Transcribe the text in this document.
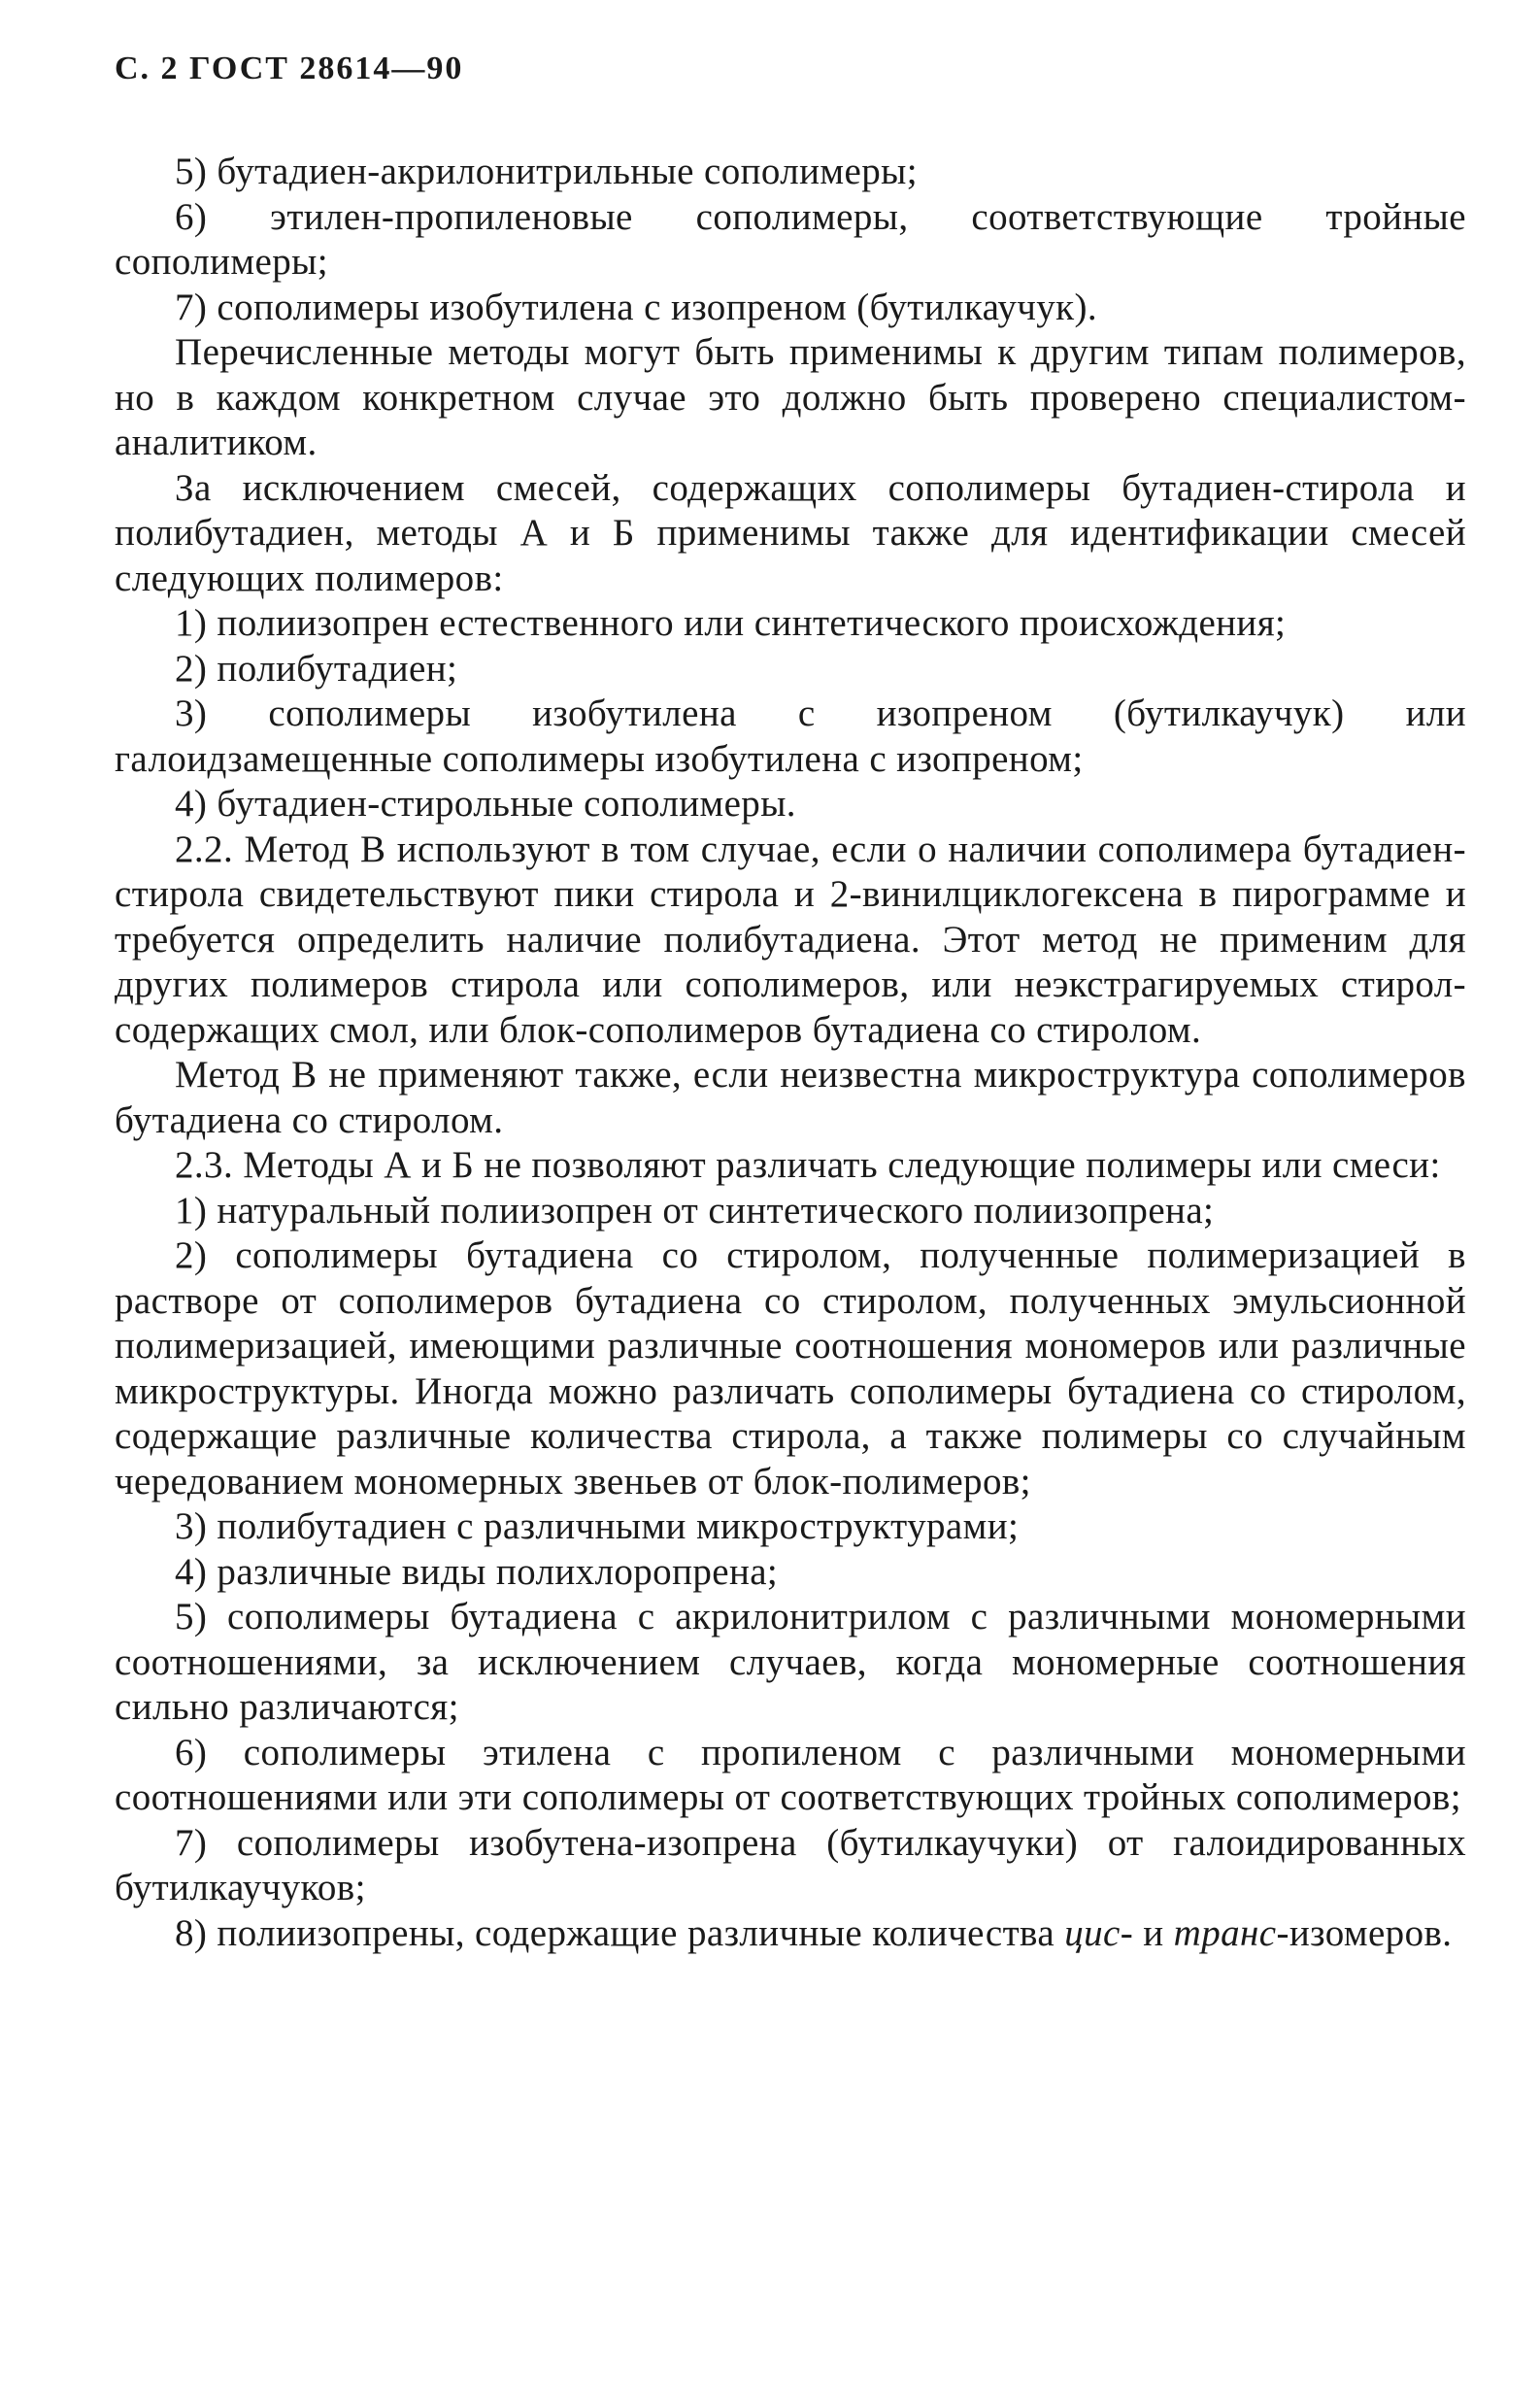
С. 2 ГОСТ 28614—90

5) бутадиен-акрилонитрильные сополимеры;

6) этилен-пропиленовые сополимеры, соответствующие тройные сополимеры;

7) сополимеры изобутилена с изопреном (бутилкаучук).

Перечисленные методы могут быть применимы к другим типам полимеров, но в каждом конкретном случае это должно быть проверено специалистом-аналитиком.

За исключением смесей, содержащих сополимеры бутадиен-стирола и полибутадиен, методы А и Б применимы также для идентификации смесей следующих полимеров:

1) полиизопрен естественного или синтетического происхождения;

2) полибутадиен;

3) сополимеры изобутилена с изопреном (бутилкаучук) или галоидзамещенные сополимеры изобутилена с изопреном;

4) бутадиен-стирольные сополимеры.

2.2. Метод В используют в том случае, если о наличии сополимера бутадиен-стирола свидетельствуют пики стирола и 2-винилциклогексена в пирограмме и требуется определить наличие полибутадиена. Этот метод не применим для других полимеров стирола или сополимеров, или неэкстрагируемых стирол-содержащих смол, или блок-сополимеров бутадиена со стиролом.

Метод В не применяют также, если неизвестна микроструктура сополимеров бутадиена со стиролом.

2.3. Методы А и Б не позволяют различать следующие полимеры или смеси:

1) натуральный полиизопрен от синтетического полиизопрена;

2) сополимеры бутадиена со стиролом, полученные полимеризацией в растворе от сополимеров бутадиена со стиролом, полученных эмульсионной полимеризацией, имеющими различные соотношения мономеров или различные микроструктуры. Иногда можно различать сополимеры бутадиена со стиролом, содержащие различные количества стирола, а также полимеры со случайным чередованием мономерных звеньев от блок-полимеров;

3) полибутадиен с различными микроструктурами;

4) различные виды полихлоропрена;

5) сополимеры бутадиена с акрилонитрилом с различными мономерными соотношениями, за исключением случаев, когда мономерные соотношения сильно различаются;

6) сополимеры этилена с пропиленом с различными мономерными соотношениями или эти сополимеры от соответствующих тройных сополимеров;

7) сополимеры изобутена-изопрена (бутилкаучуки) от галоидированных бутилкаучуков;

8) полиизопрены, содержащие различные количества цис- и транс-изомеров.
